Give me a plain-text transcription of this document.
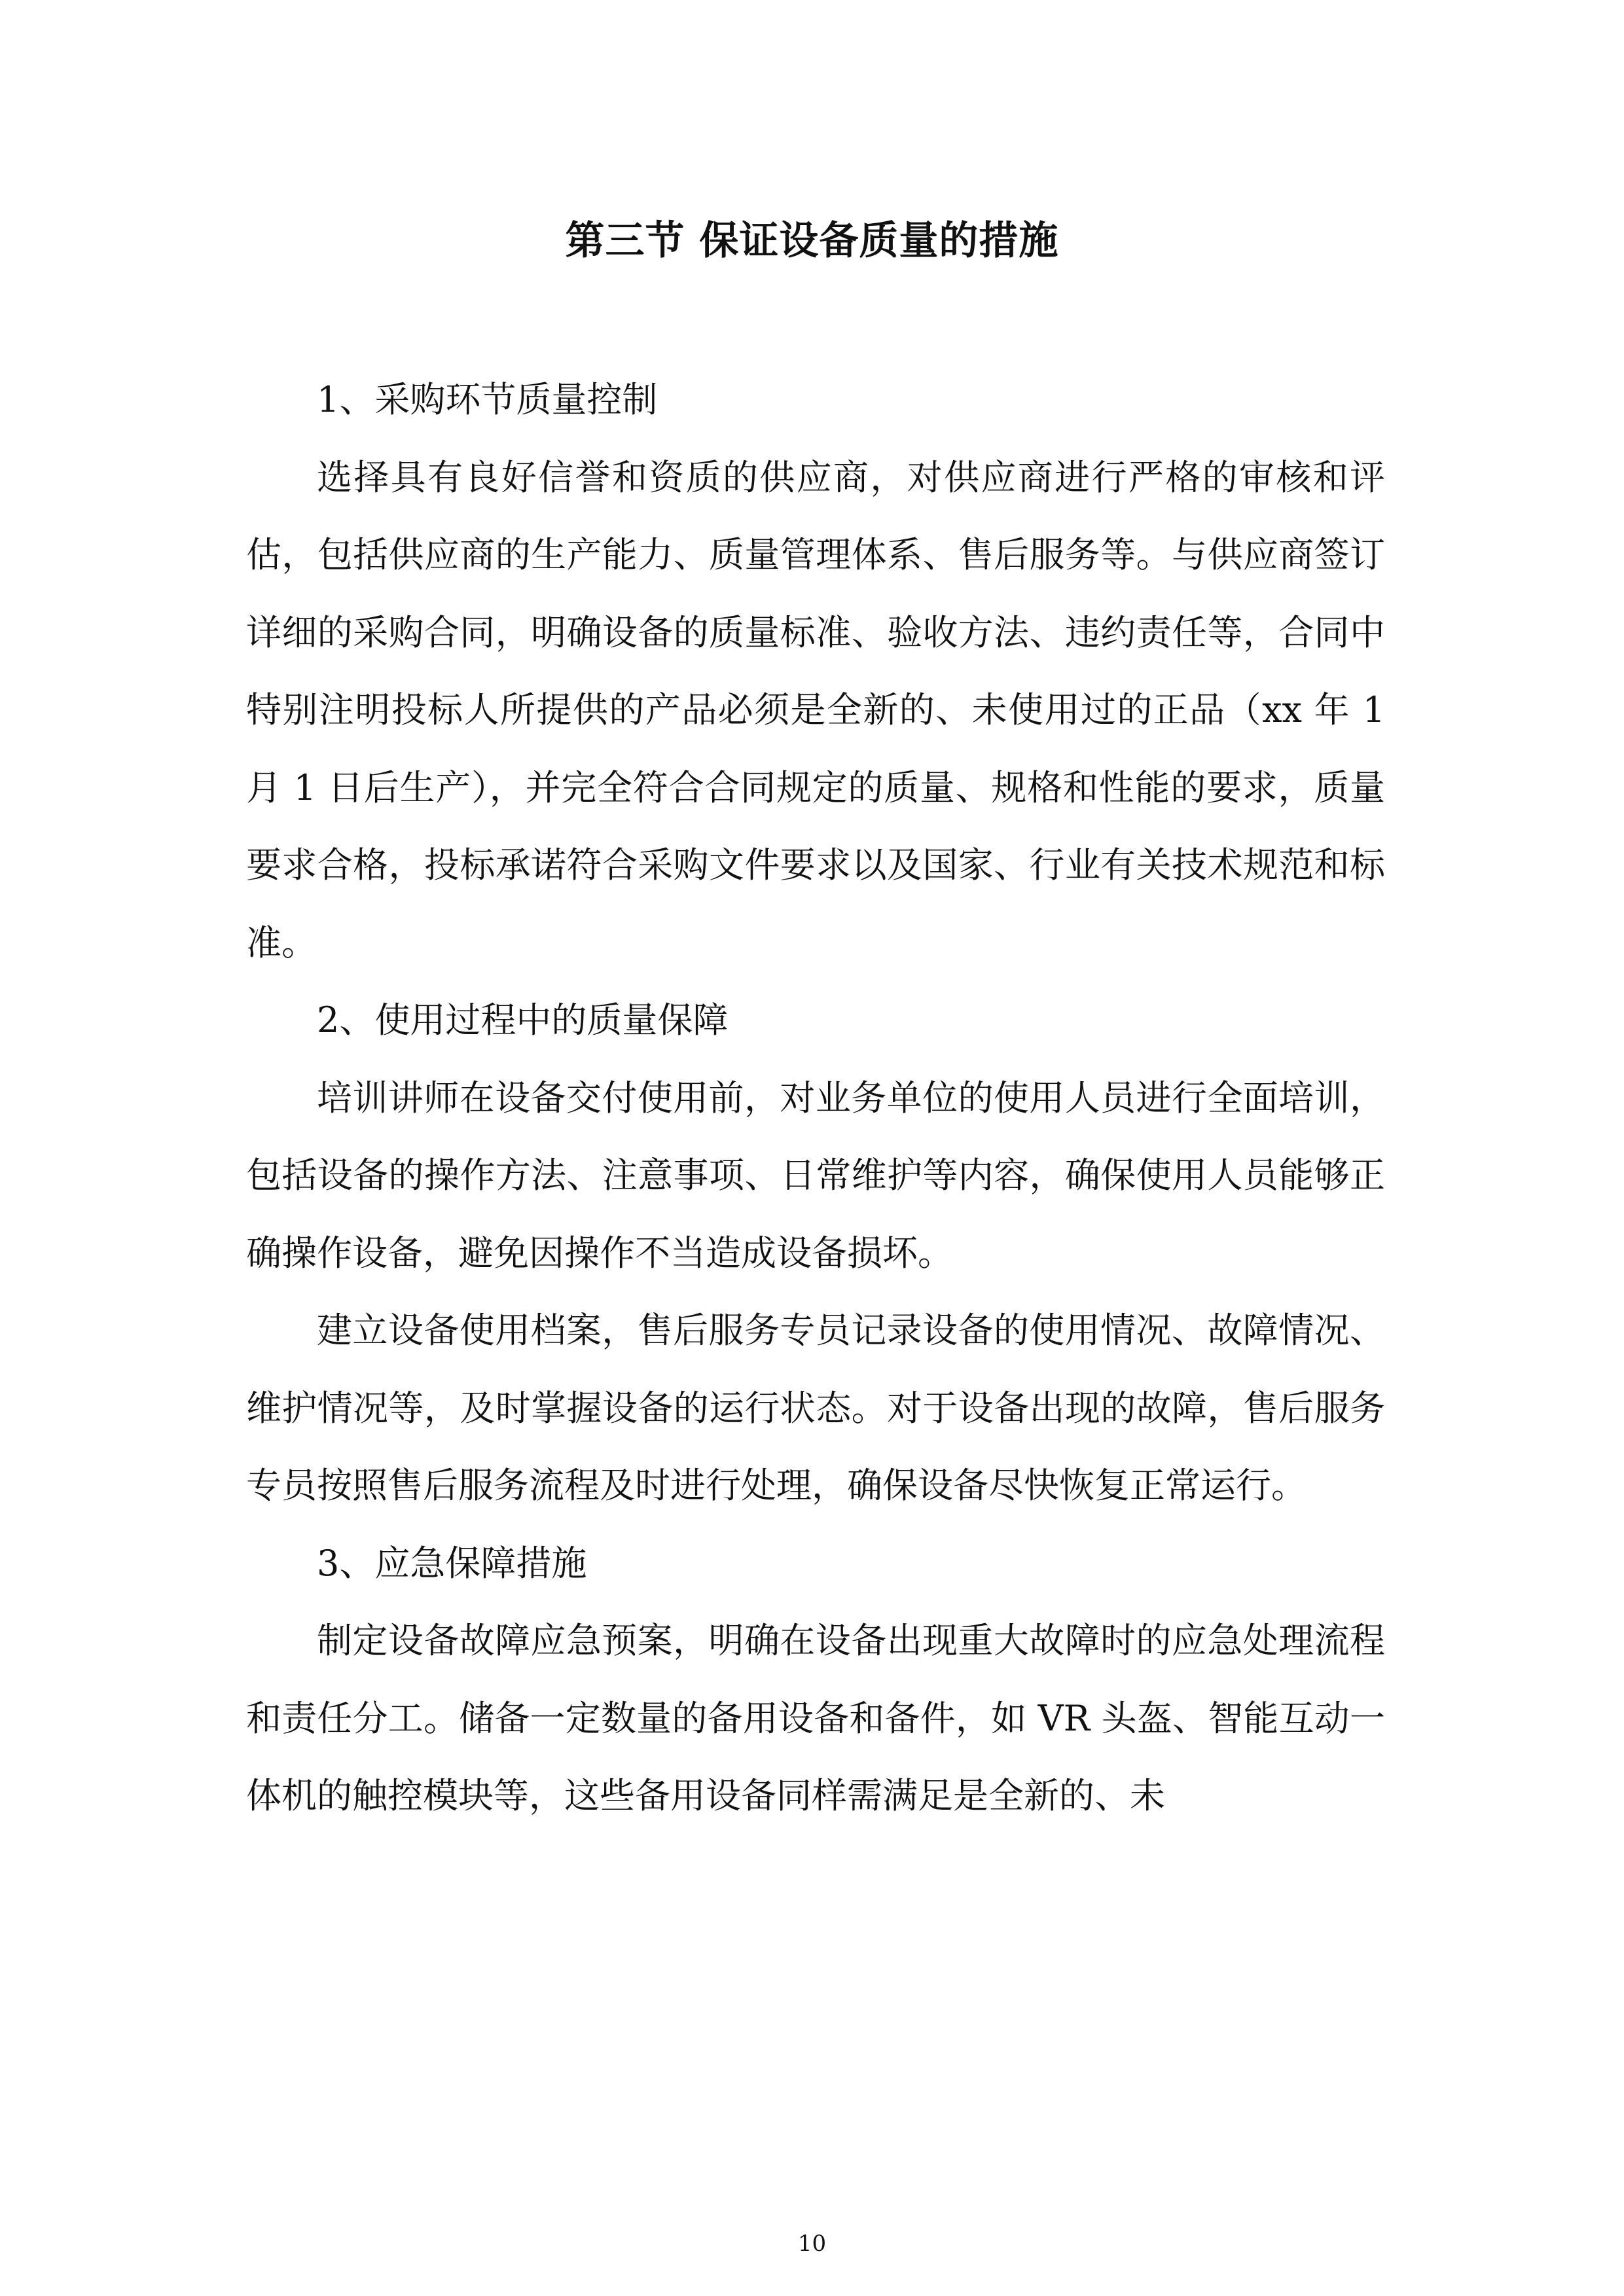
第三节 保证设备质量的措施

1、采购环节质量控制

选择具有良好信誉和资质的供应商，对供应商进行严格的审核和评估，包括供应商的生产能力、质量管理体系、售后服务等。与供应商签订详细的采购合同，明确设备的质量标准、验收方法、违约责任等，合同中特别注明投标人所提供的产品必须是全新的、未使用过的正品（xx 年 1 月 1 日后生产），并完全符合合同规定的质量、规格和性能的要求，质量要求合格，投标承诺符合采购文件要求以及国家、行业有关技术规范和标准。

2、使用过程中的质量保障

培训讲师在设备交付使用前，对业务单位的使用人员进行全面培训，包括设备的操作方法、注意事项、日常维护等内容，确保使用人员能够正确操作设备，避免因操作不当造成设备损坏。

建立设备使用档案，售后服务专员记录设备的使用情况、故障情况、维护情况等，及时掌握设备的运行状态。对于设备出现的故障，售后服务专员按照售后服务流程及时进行处理，确保设备尽快恢复正常运行。

3、应急保障措施

制定设备故障应急预案，明确在设备出现重大故障时的应急处理流程和责任分工。储备一定数量的备用设备和备件，如 VR 头盔、智能互动一体机的触控模块等，这些备用设备同样需满足是全新的、未

10
